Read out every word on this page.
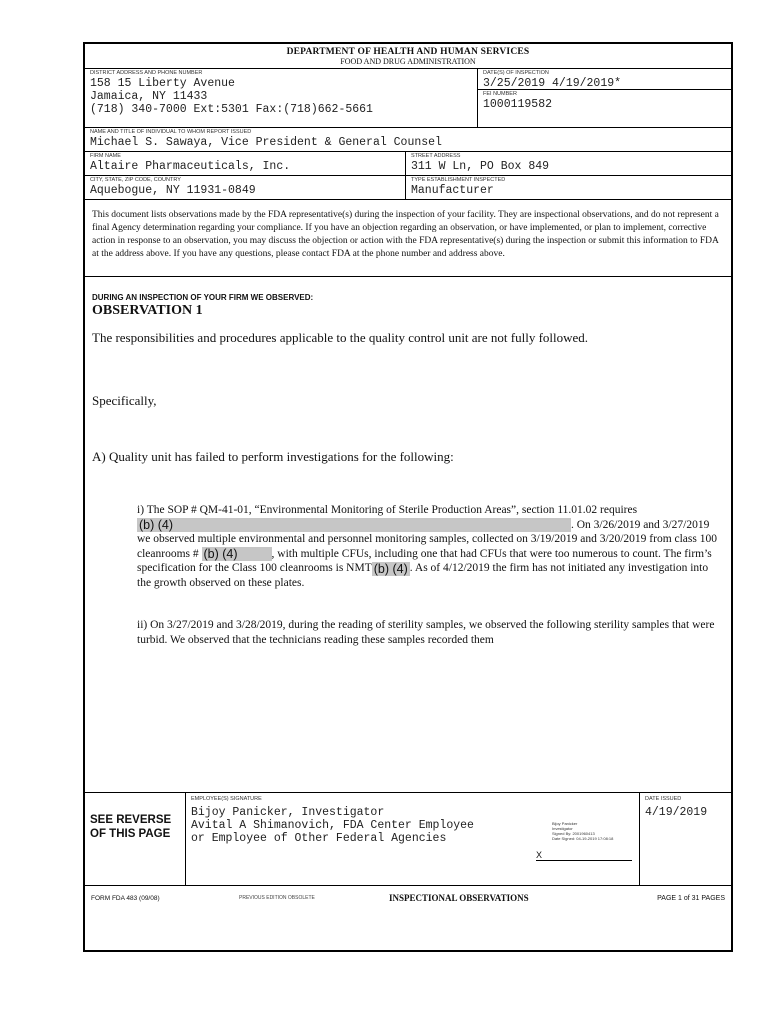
DEPARTMENT OF HEALTH AND HUMAN SERVICES
FOOD AND DRUG ADMINISTRATION
DISTRICT ADDRESS AND PHONE NUMBER
158 15 Liberty Avenue
Jamaica, NY 11433
(718) 340-7000 Ext:5301 Fax:(718)662-5661
DATE(S) OF INSPECTION
3/25/2019 4/19/2019*
FEI NUMBER
1000119582
NAME AND TITLE OF INDIVIDUAL TO WHOM REPORT ISSUED
Michael S. Sawaya, Vice President & General Counsel
FIRM NAME
Altaire Pharmaceuticals, Inc.
STREET ADDRESS
311 W Ln, PO Box 849
CITY, STATE, ZIP CODE, COUNTRY
Aquebogue, NY 11931-0849
TYPE ESTABLISHMENT INSPECTED
Manufacturer
This document lists observations made by the FDA representative(s) during the inspection of your facility. They are inspectional observations, and do not represent a final Agency determination regarding your compliance. If you have an objection regarding an observation, or have implemented, or plan to implement, corrective action in response to an observation, you may discuss the objection or action with the FDA representative(s) during the inspection or submit this information to FDA at the address above. If you have any questions, please contact FDA at the phone number and address above.
DURING AN INSPECTION OF YOUR FIRM WE OBSERVED:
OBSERVATION 1
The responsibilities and procedures applicable to the quality control unit are not fully followed.
Specifically,
A) Quality unit has failed to perform investigations for the following:
i) The SOP # QM-41-01, “Environmental Monitoring of Sterile Production Areas”, section 11.01.02 requires (b) (4)	. On 3/26/2019 and 3/27/2019 we observed multiple environmental and personnel monitoring samples, collected on 3/19/2019 and 3/20/2019 from class 100 cleanrooms # (b) (4)	, with multiple CFUs, including one that had CFUs that were too numerous to count. The firm’s specification for the Class 100 cleanrooms is NMT (b) (4) . As of 4/12/2019 the firm has not initiated any investigation into the growth observed on these plates.
ii) On 3/27/2019 and 3/28/2019, during the reading of sterility samples, we observed the following sterility samples that were turbid. We observed that the technicians reading these samples recorded them
SEE REVERSE OF THIS PAGE
EMPLOYEE(S) SIGNATURE
Bijoy Panicker, Investigator
Avital A Shimanovich, FDA Center Employee
or Employee of Other Federal Agencies
Bijoy Panicker
Investigator
Signed By: 2001960413
Date Signed: 04-19-2019 17:08:18
X
DATE ISSUED
4/19/2019
FORM FDA 483 (09/08)	PREVIOUS EDITION OBSOLETE	INSPECTIONAL OBSERVATIONS	PAGE 1 of 31 PAGES
